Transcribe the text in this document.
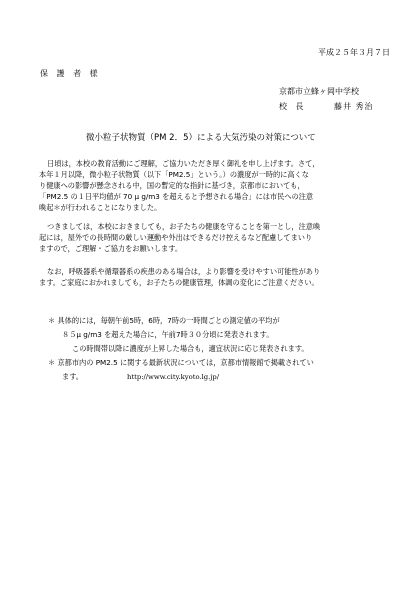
平成２５年３月７日
保 護 者 様
京都市立蜂ヶ岡中学校
校 長	藤井 秀治
微小粒子状物質（PM 2．5）による大気汚染の対策について
日頃は，本校の教育活動にご理解，ご協力いただき厚く御礼を申し上げます。さて，
本年１月以降，微小粒子状物質（以下「PM2.5」という。）の濃度が一時的に高くな
り健康への影響が懸念される中，国の暫定的な指針に基づき，京都市においても，
「PM2.5 の１日平均値が 70 μ g/m3 を超えると予想される場合」には市民への注意
喚起＊が行われることになりました。
つきましては，本校におきましても，お子たちの健康を守ることを第一とし，注意喚
起には，屋外での長時間の厳しい運動や外出はできるだけ控えるなど配慮してまいり
ますので，ご理解・ご協力をお願いします。
なお，呼吸器系や循環器系の疾患のある場合は，より影響を受けやすい可能性があり
ます。ご家庭におかれましても，お子たちの健康管理，体調の変化にご注意ください。
＊ 具体的には，毎朝午前5時，6時，7時の一時間ごとの測定値の平均が
８５μ g/m3 を超えた場合に，午前7時３０分頃に発表されます。
この時間帯以降に濃度が上昇した場合も，適宜状況に応じ発表されます。
＊ 京都市内の PM2.5 に関する最新状況については，京都市情報館で掲載されてい
ます。	http://www.city.kyoto.lg.jp/
